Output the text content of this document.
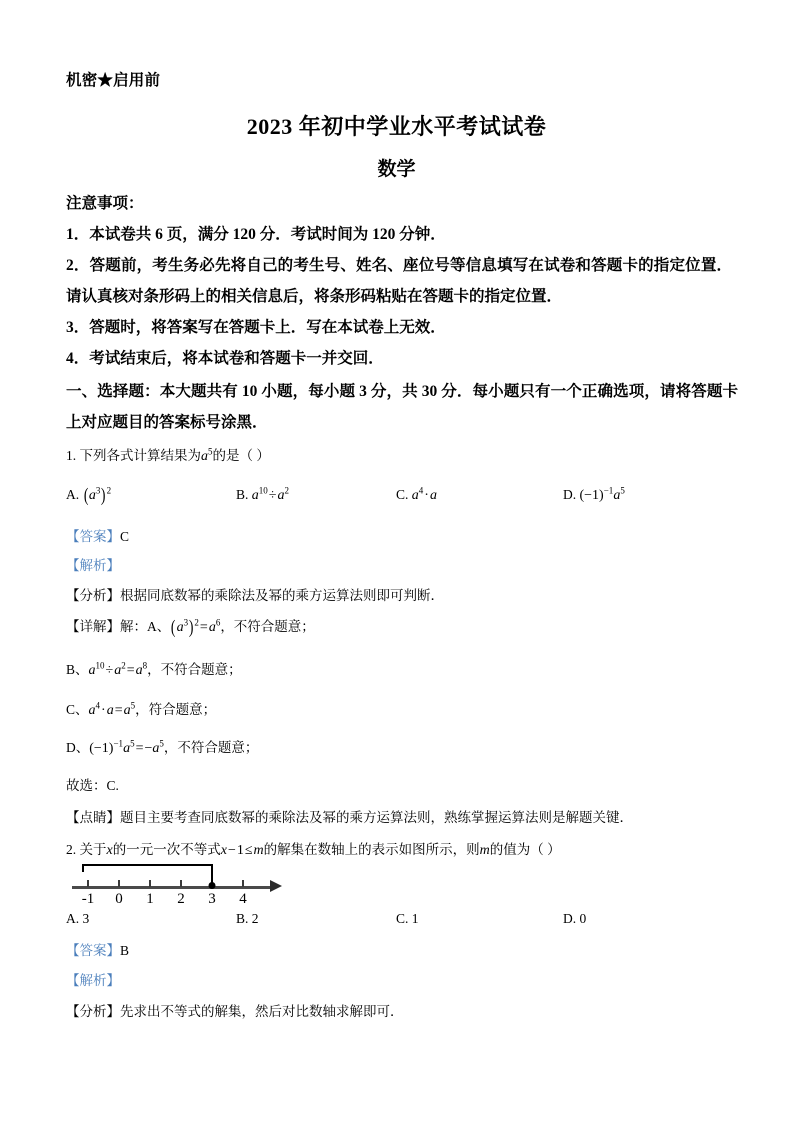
机密★启用前
2023 年初中学业水平考试试卷
数学
注意事项：
1．本试卷共 6 页，满分 120 分．考试时间为 120 分钟．
2．答题前，考生务必先将自己的考生号、姓名、座位号等信息填写在试卷和答题卡的指定位置．请认真核对条形码上的相关信息后，将条形码粘贴在答题卡的指定位置．
3．答题时，将答案写在答题卡上．写在本试卷上无效．
4．考试结束后，将本试卷和答题卡一并交回．
一、选择题：本大题共有 10 小题，每小题 3 分，共 30 分．每小题只有一个正确选项，请将答题卡上对应题目的答案标号涂黑．
1. 下列各式计算结果为$a^5$的是（ ）
A. $(a^3)^2$	B. $a^{10}\div a^2$	C. $a^4\cdot a$	D. $(-1)^{-1}a^5$
【答案】C
【解析】
【分析】根据同底数幂的乘除法及幂的乘方运算法则即可判断．
【详解】解：A、$(a^3)^2=a^6$，不符合题意；
B、$a^{10}\div a^2=a^8$，不符合题意；
C、$a^4\cdot a=a^5$，符合题意；
D、$(-1)^{-1}a^5=-a^5$，不符合题意；
故选：C.
【点睛】题目主要考查同底数幂的乘除法及幂的乘方运算法则，熟练掌握运算法则是解题关键．
2. 关于x的一元一次不等式x−1≤m的解集在数轴上的表示如图所示，则m的值为（ ）
-1 0 1 2 3 4
A. 3	B. 2	C. 1	D. 0
【答案】B
【解析】
【分析】先求出不等式的解集，然后对比数轴求解即可．
